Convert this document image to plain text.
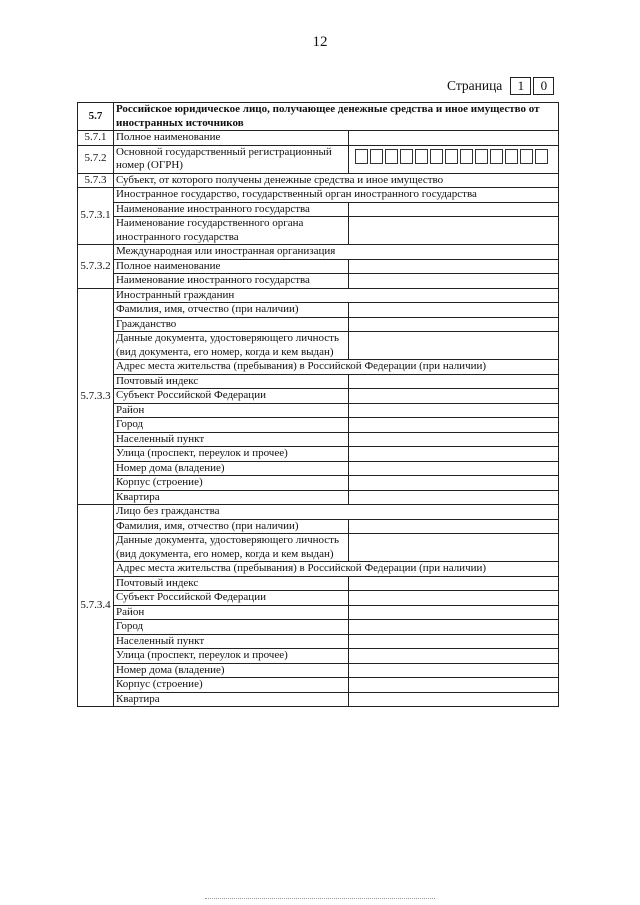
12
Страница	1	0
5.7	Российское юридическое лицо, получающее денежные средства и иное имущество от иностранных источников	
5.7.1	Полное наименование	
5.7.2	Основной государственный регистрационный номер (ОГРН)	

5.7.3	Субъект, от которого получены денежные средства и иное имущество	
5.7.3.1	Иностранное государство, государственный орган иностранного государства	
	Наименование иностранного государства	
	Наименование государственного органа иностранного государства	
5.7.3.2	Международная или иностранная организация	
	Полное наименование	
	Наименование иностранного государства	
5.7.3.3	Иностранный гражданин	
	Фамилия, имя, отчество (при наличии)	
	Гражданство	
	Данные документа, удостоверяющего личность (вид документа, его номер, когда и кем выдан)	
	Адрес места жительства (пребывания) в Российской Федерации (при наличии)	
	Почтовый индекс	
	Субъект Российской Федерации	
	Район	
	Город	
	Населенный пункт	
	Улица (проспект, переулок и прочее)	
	Номер дома (владение)	
	Корпус (строение)	
	Квартира	
5.7.3.4	Лицо без гражданства	
	Фамилия, имя, отчество (при наличии)	
	Данные документа, удостоверяющего личность (вид документа, его номер, когда и кем выдан)	
	Адрес места жительства (пребывания) в Российской Федерации (при наличии)	
	Почтовый индекс	
	Субъект Российской Федерации	
	Район	
	Город	
	Населенный пункт	
	Улица (проспект, переулок и прочее)	
	Номер дома (владение)	
	Корпус (строение)	
	Квартира	
